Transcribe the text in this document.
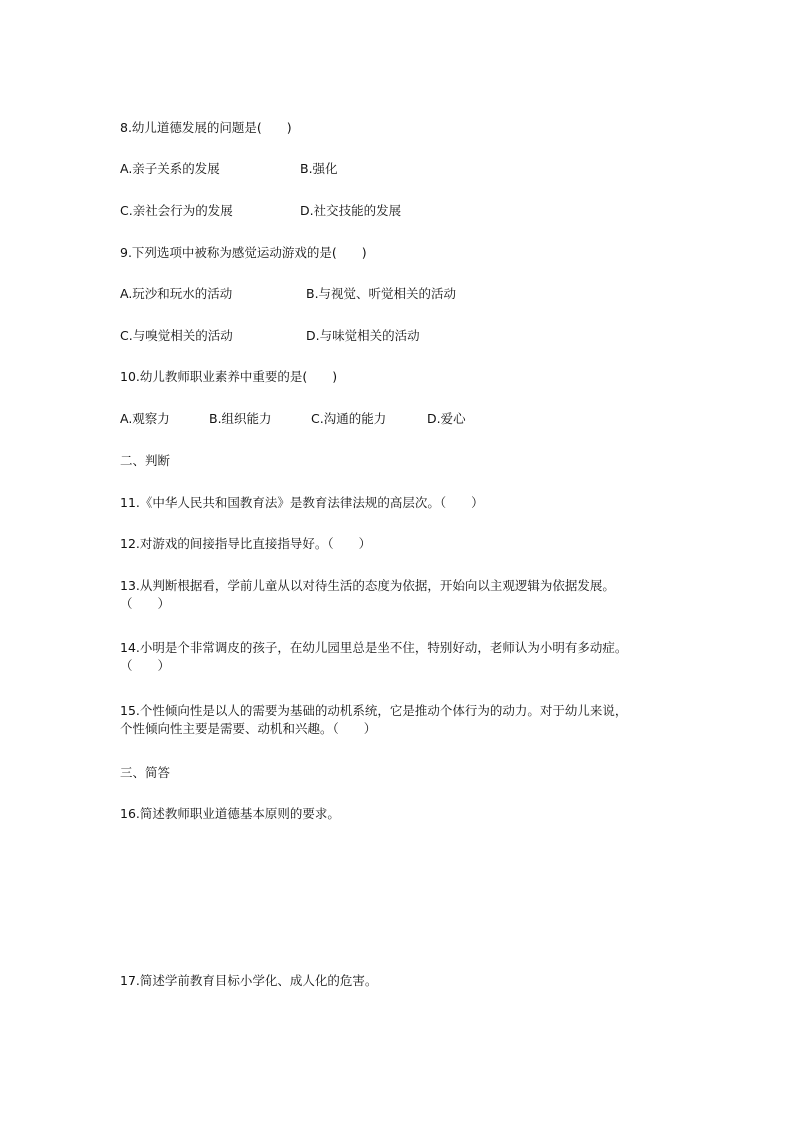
8.幼儿道德发展的问题是(　　)
A.亲子关系的发展	B.强化
C.亲社会行为的发展	D.社交技能的发展
9.下列选项中被称为感觉运动游戏的是(　　)
A.玩沙和玩水的活动	B.与视觉、听觉相关的活动
C.与嗅觉相关的活动	D.与味觉相关的活动
10.幼儿教师职业素养中重要的是(　　)
A.观察力	B.组织能力	C.沟通的能力	D.爱心
二、判断
11.《中华人民共和国教育法》是教育法律法规的高层次。（　　）
12.对游戏的间接指导比直接指导好。（　　）
13.从判断根据看，学前儿童从以对待生活的态度为依据，开始向以主观逻辑为依据发展。
（　　）
14.小明是个非常调皮的孩子，在幼儿园里总是坐不住，特别好动，老师认为小明有多动症。
（　　）
15.个性倾向性是以人的需要为基础的动机系统，它是推动个体行为的动力。对于幼儿来说，
个性倾向性主要是需要、动机和兴趣。（　　）
三、简答
16.简述教师职业道德基本原则的要求。
17.简述学前教育目标小学化、成人化的危害。
